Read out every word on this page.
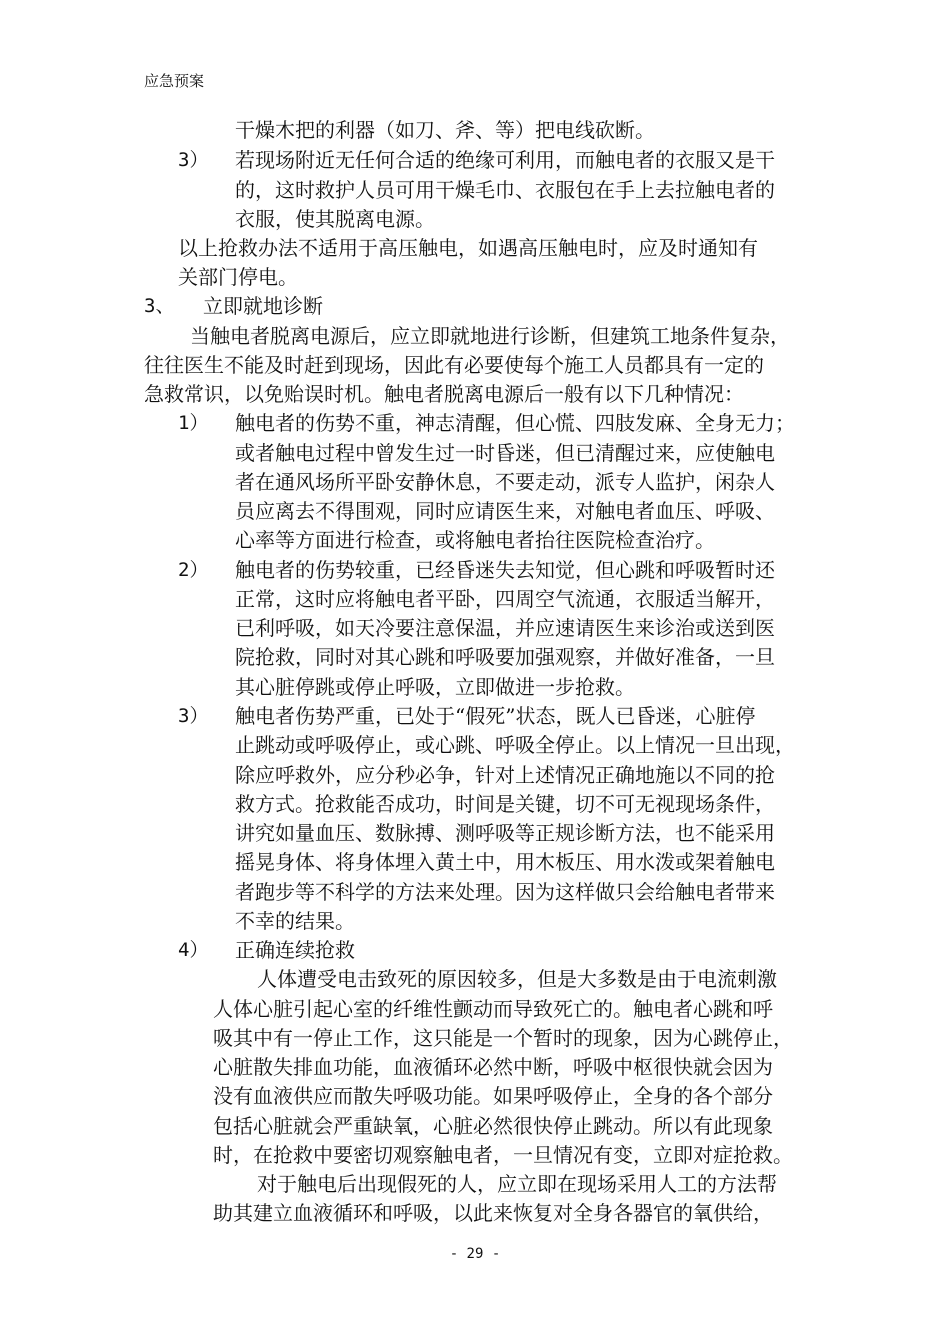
应急预案
干燥木把的利器（如刀、斧、等）把电线砍断。
3） 若现场附近无任何合适的绝缘可利用，而触电者的衣服又是干
的，这时救护人员可用干燥毛巾、衣服包在手上去拉触电者的
衣服，使其脱离电源。
以上抢救办法不适用于高压触电，如遇高压触电时，应及时通知有
关部门停电。
3、 立即就地诊断
当触电者脱离电源后，应立即就地进行诊断，但建筑工地条件复杂，
往往医生不能及时赶到现场，因此有必要使每个施工人员都具有一定的
急救常识，以免贻误时机。触电者脱离电源后一般有以下几种情况：
1） 触电者的伤势不重，神志清醒，但心慌、四肢发麻、全身无力；
或者触电过程中曾发生过一时昏迷，但已清醒过来，应使触电
者在通风场所平卧安静休息，不要走动，派专人监护，闲杂人
员应离去不得围观，同时应请医生来，对触电者血压、呼吸、
心率等方面进行检查，或将触电者抬往医院检查治疗。
2） 触电者的伤势较重，已经昏迷失去知觉，但心跳和呼吸暂时还
正常，这时应将触电者平卧，四周空气流通，衣服适当解开，
已利呼吸，如天冷要注意保温，并应速请医生来诊治或送到医
院抢救，同时对其心跳和呼吸要加强观察，并做好准备，一旦
其心脏停跳或停止呼吸，立即做进一步抢救。
3） 触电者伤势严重，已处于“假死”状态，既人已昏迷，心脏停
止跳动或呼吸停止，或心跳、呼吸全停止。以上情况一旦出现，
除应呼救外，应分秒必争，针对上述情况正确地施以不同的抢
救方式。抢救能否成功，时间是关键，切不可无视现场条件，
讲究如量血压、数脉搏、测呼吸等正规诊断方法，也不能采用
摇晃身体、将身体埋入黄土中，用木板压、用水泼或架着触电
者跑步等不科学的方法来处理。因为这样做只会给触电者带来
不幸的结果。
4） 正确连续抢救
人体遭受电击致死的原因较多，但是大多数是由于电流刺激
人体心脏引起心室的纤维性颤动而导致死亡的。触电者心跳和呼
吸其中有一停止工作，这只能是一个暂时的现象，因为心跳停止，
心脏散失排血功能，血液循环必然中断，呼吸中枢很快就会因为
没有血液供应而散失呼吸功能。如果呼吸停止，全身的各个部分
包括心脏就会严重缺氧，心脏必然很快停止跳动。所以有此现象
时，在抢救中要密切观察触电者，一旦情况有变，立即对症抢救。
对于触电后出现假死的人，应立即在现场采用人工的方法帮
助其建立血液循环和呼吸，以此来恢复对全身各器官的氧供给，
- 29 -
